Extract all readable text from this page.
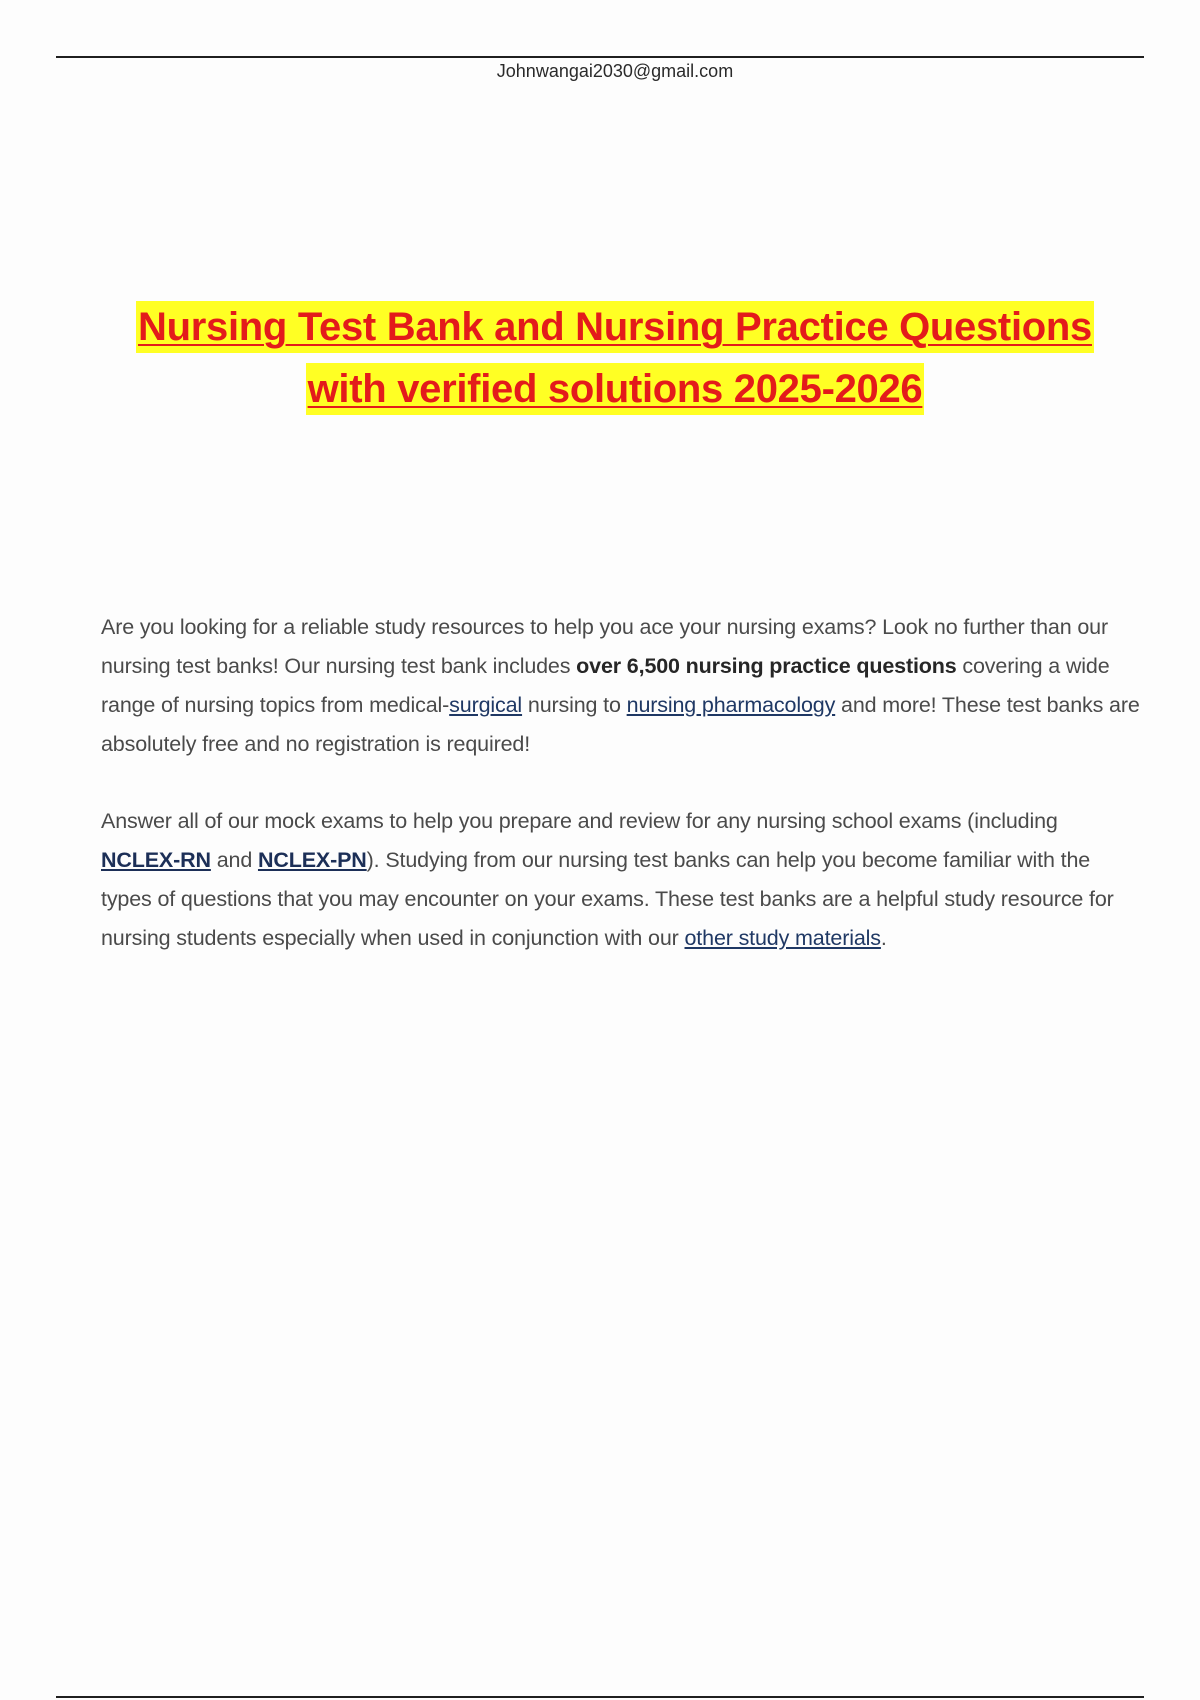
Johnwangai2030@gmail.com
Nursing Test Bank and Nursing Practice Questions
with verified solutions 2025-2026

Are you looking for a reliable study resources to help you ace your nursing exams? Look no further than our nursing test banks! Our nursing test bank includes over 6,500 nursing practice questions covering a wide range of nursing topics from medical-surgical nursing to nursing pharmacology and more! These test banks are absolutely free and no registration is required!

Answer all of our mock exams to help you prepare and review for any nursing school exams (including NCLEX-RN and NCLEX-PN). Studying from our nursing test banks can help you become familiar with the types of questions that you may encounter on your exams. These test banks are a helpful study resource for nursing students especially when used in conjunction with our other study materials.
